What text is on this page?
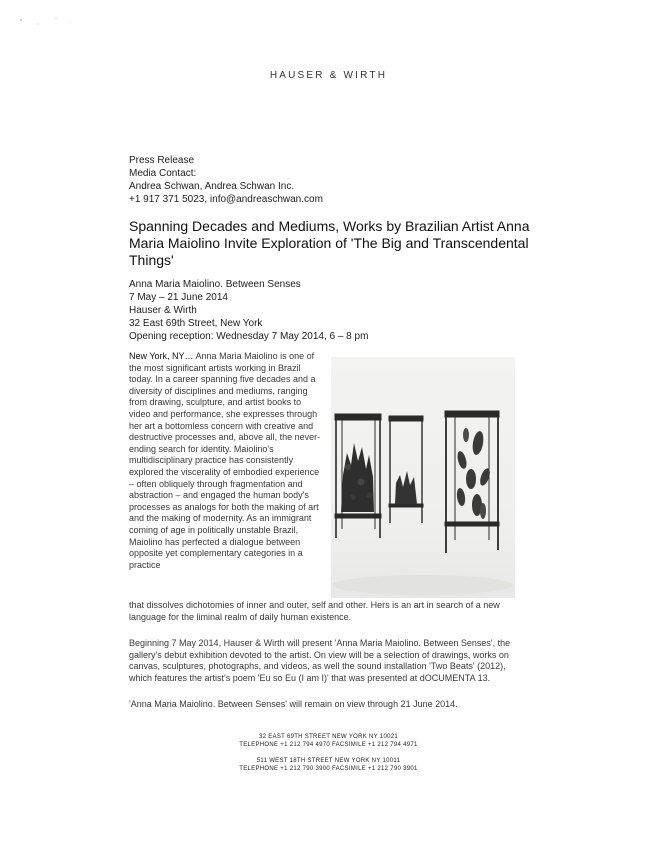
HAUSER & WIRTH
Press Release
Media Contact:
Andrea Schwan, Andrea Schwan Inc.
+1 917 371 5023, info@andreaschwan.com
Spanning Decades and Mediums, Works by Brazilian Artist Anna Maria Maiolino Invite Exploration of 'The Big and Transcendental Things'
Anna Maria Maiolino. Between Senses
7 May – 21 June 2014
Hauser & Wirth
32 East 69th Street, New York
Opening reception: Wednesday 7 May 2014, 6 – 8 pm
New York, NY… Anna Maria Maiolino is one of the most significant artists working in Brazil today. In a career spanning five decades and a diversity of disciplines and mediums, ranging from drawing, sculpture, and artist books to video and performance, she expresses through her art a bottomless concern with creative and destructive processes and, above all, the never-ending search for identity. Maiolino's multidisciplinary practice has consistently explored the viscerality of embodied experience – often obliquely through fragmentation and abstraction – and engaged the human body's processes as analogs for both the making of art and the making of modernity. As an immigrant coming of age in politically unstable Brazil, Maiolino has perfected a dialogue between opposite yet complementary categories in a practice
that dissolves dichotomies of inner and outer, self and other. Hers is an art in search of a new language for the liminal realm of daily human existence.
Beginning 7 May 2014, Hauser & Wirth will present 'Anna Maria Maiolino. Between Senses', the gallery's debut exhibition devoted to the artist. On view will be a selection of drawings, works on canvas, sculptures, photographs, and videos, as well the sound installation 'Two Beats' (2012), which features the artist's poem 'Eu so Eu (I am I)' that was presented at dOCUMENTA 13.
'Anna Maria Maiolino. Between Senses' will remain on view through 21 June 2014.
32 EAST 69TH STREET NEW YORK NY 10021
TELEPHONE +1 212 794 4970 FACSIMILE +1 212 794 4971
511 WEST 18TH STREET NEW YORK NY 10011
TELEPHONE +1 212 790 3900 FACSIMILE +1 212 790 3901
